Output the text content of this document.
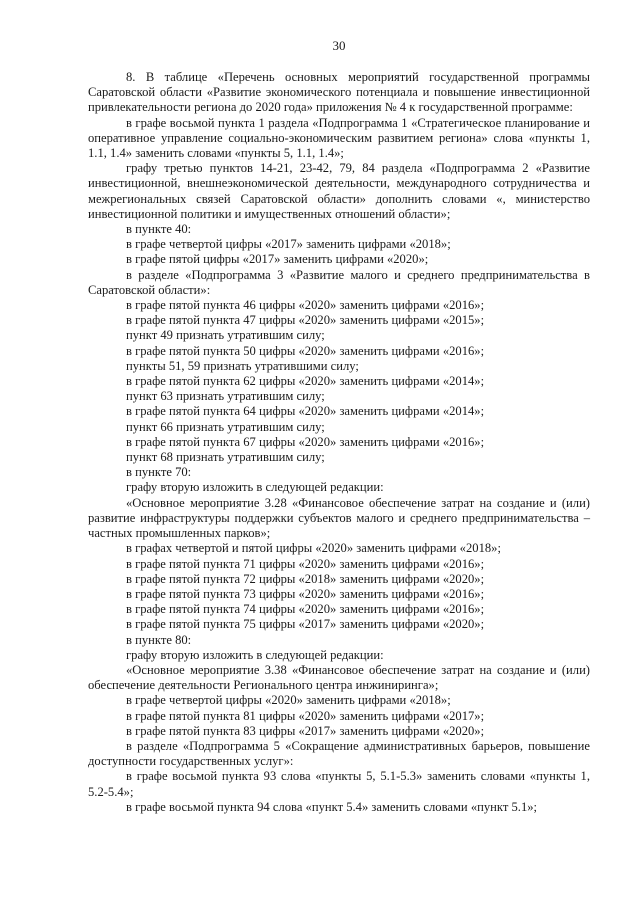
30

8. В таблице «Перечень основных мероприятий государственной программы Саратовской области «Развитие экономического потенциала и повышение инвестиционной привлекательности региона до 2020 года» приложения № 4 к государственной программе:

в графе восьмой пункта 1 раздела «Подпрограмма 1 «Стратегическое планирование и оперативное управление социально-экономическим развитием региона» слова «пункты 1, 1.1, 1.4» заменить словами «пункты 5, 1.1, 1.4»;

графу третью пунктов 14-21, 23-42, 79, 84 раздела «Подпрограмма 2 «Развитие инвестиционной, внешнеэкономической деятельности, международного сотрудничества и межрегиональных связей Саратовской области» дополнить словами «, министерство инвестиционной политики и имущественных отношений области»;

в пункте 40:

в графе четвертой цифры «2017» заменить цифрами «2018»;

в графе пятой цифры «2017» заменить цифрами «2020»;

в разделе «Подпрограмма 3 «Развитие малого и среднего предпринимательства в Саратовской области»:

в графе пятой пункта 46 цифры «2020» заменить цифрами «2016»;

в графе пятой пункта 47 цифры «2020» заменить цифрами «2015»;

пункт 49 признать утратившим силу;

в графе пятой пункта 50 цифры «2020» заменить цифрами «2016»;

пункты 51, 59 признать утратившими силу;

в графе пятой пункта 62 цифры «2020» заменить цифрами «2014»;

пункт 63 признать утратившим силу;

в графе пятой пункта 64 цифры «2020» заменить цифрами «2014»;

пункт 66 признать утратившим силу;

в графе пятой пункта 67 цифры «2020» заменить цифрами «2016»;

пункт 68 признать утратившим силу;

в пункте 70:

графу вторую изложить в следующей редакции:

«Основное мероприятие 3.28 «Финансовое обеспечение затрат на создание и (или) развитие инфраструктуры поддержки субъектов малого и среднего предпринимательства – частных промышленных парков»;

в графах четвертой и пятой цифры «2020» заменить цифрами «2018»;

в графе пятой пункта 71 цифры «2020» заменить цифрами «2016»;

в графе пятой пункта 72 цифры «2018» заменить цифрами «2020»;

в графе пятой пункта 73 цифры «2020» заменить цифрами «2016»;

в графе пятой пункта 74 цифры «2020» заменить цифрами «2016»;

в графе пятой пункта 75 цифры «2017» заменить цифрами «2020»;

в пункте 80:

графу вторую изложить в следующей редакции:

«Основное мероприятие 3.38 «Финансовое обеспечение затрат на создание и (или) обеспечение деятельности Регионального центра инжиниринга»;

в графе четвертой цифры «2020» заменить цифрами «2018»;

в графе пятой пункта 81 цифры «2020» заменить цифрами «2017»;

в графе пятой пункта 83 цифры «2017» заменить цифрами «2020»;

в разделе «Подпрограмма 5 «Сокращение административных барьеров, повышение доступности государственных услуг»:

в графе восьмой пункта 93 слова «пункты 5, 5.1-5.3» заменить словами «пункты 1, 5.2-5.4»;

в графе восьмой пункта 94 слова «пункт 5.4» заменить словами «пункт 5.1»;
